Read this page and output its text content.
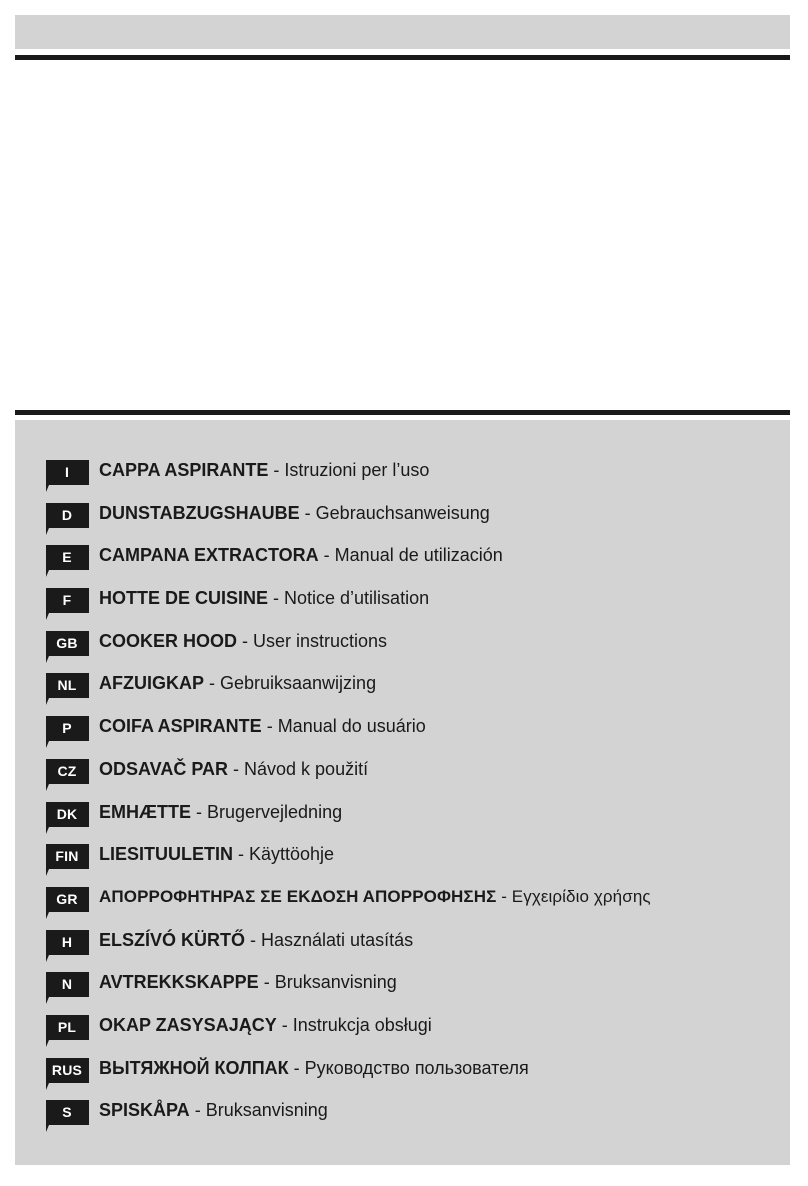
I	CAPPA ASPIRANTE - Istruzioni per l’uso
D	DUNSTABZUGSHAUBE - Gebrauchsanweisung
E	CAMPANA EXTRACTORA - Manual de utilización
F	HOTTE DE CUISINE - Notice d’utilisation
GB	COOKER HOOD - User instructions
NL	AFZUIGKAP - Gebruiksaanwijzing
P	COIFA ASPIRANTE - Manual do usuário
CZ	ODSAVAČ PAR - Návod k použití
DK	EMHÆTTE - Brugervejledning
FIN	LIESITUULETIN - Käyttöohje
GR	ΑΠΟΡΡΟΦΗΤΗΡΑΣ ΣΕ ΕΚΔΟΣΗ ΑΠΟΡΡΟΦΗΣΗΣ - Εγχειρίδιο χρήσης
H	ELSZÍVÓ KÜRTŐ - Használati utasítás
N	AVTREKKSKAPPE - Bruksanvisning
PL	OKAP ZASYSAJĄCY - Instrukcja obsługi
RUS ВЫТЯЖНОЙ КОЛПАК - Руководство пользователя
S	SPISKÅPA - Bruksanvisning
